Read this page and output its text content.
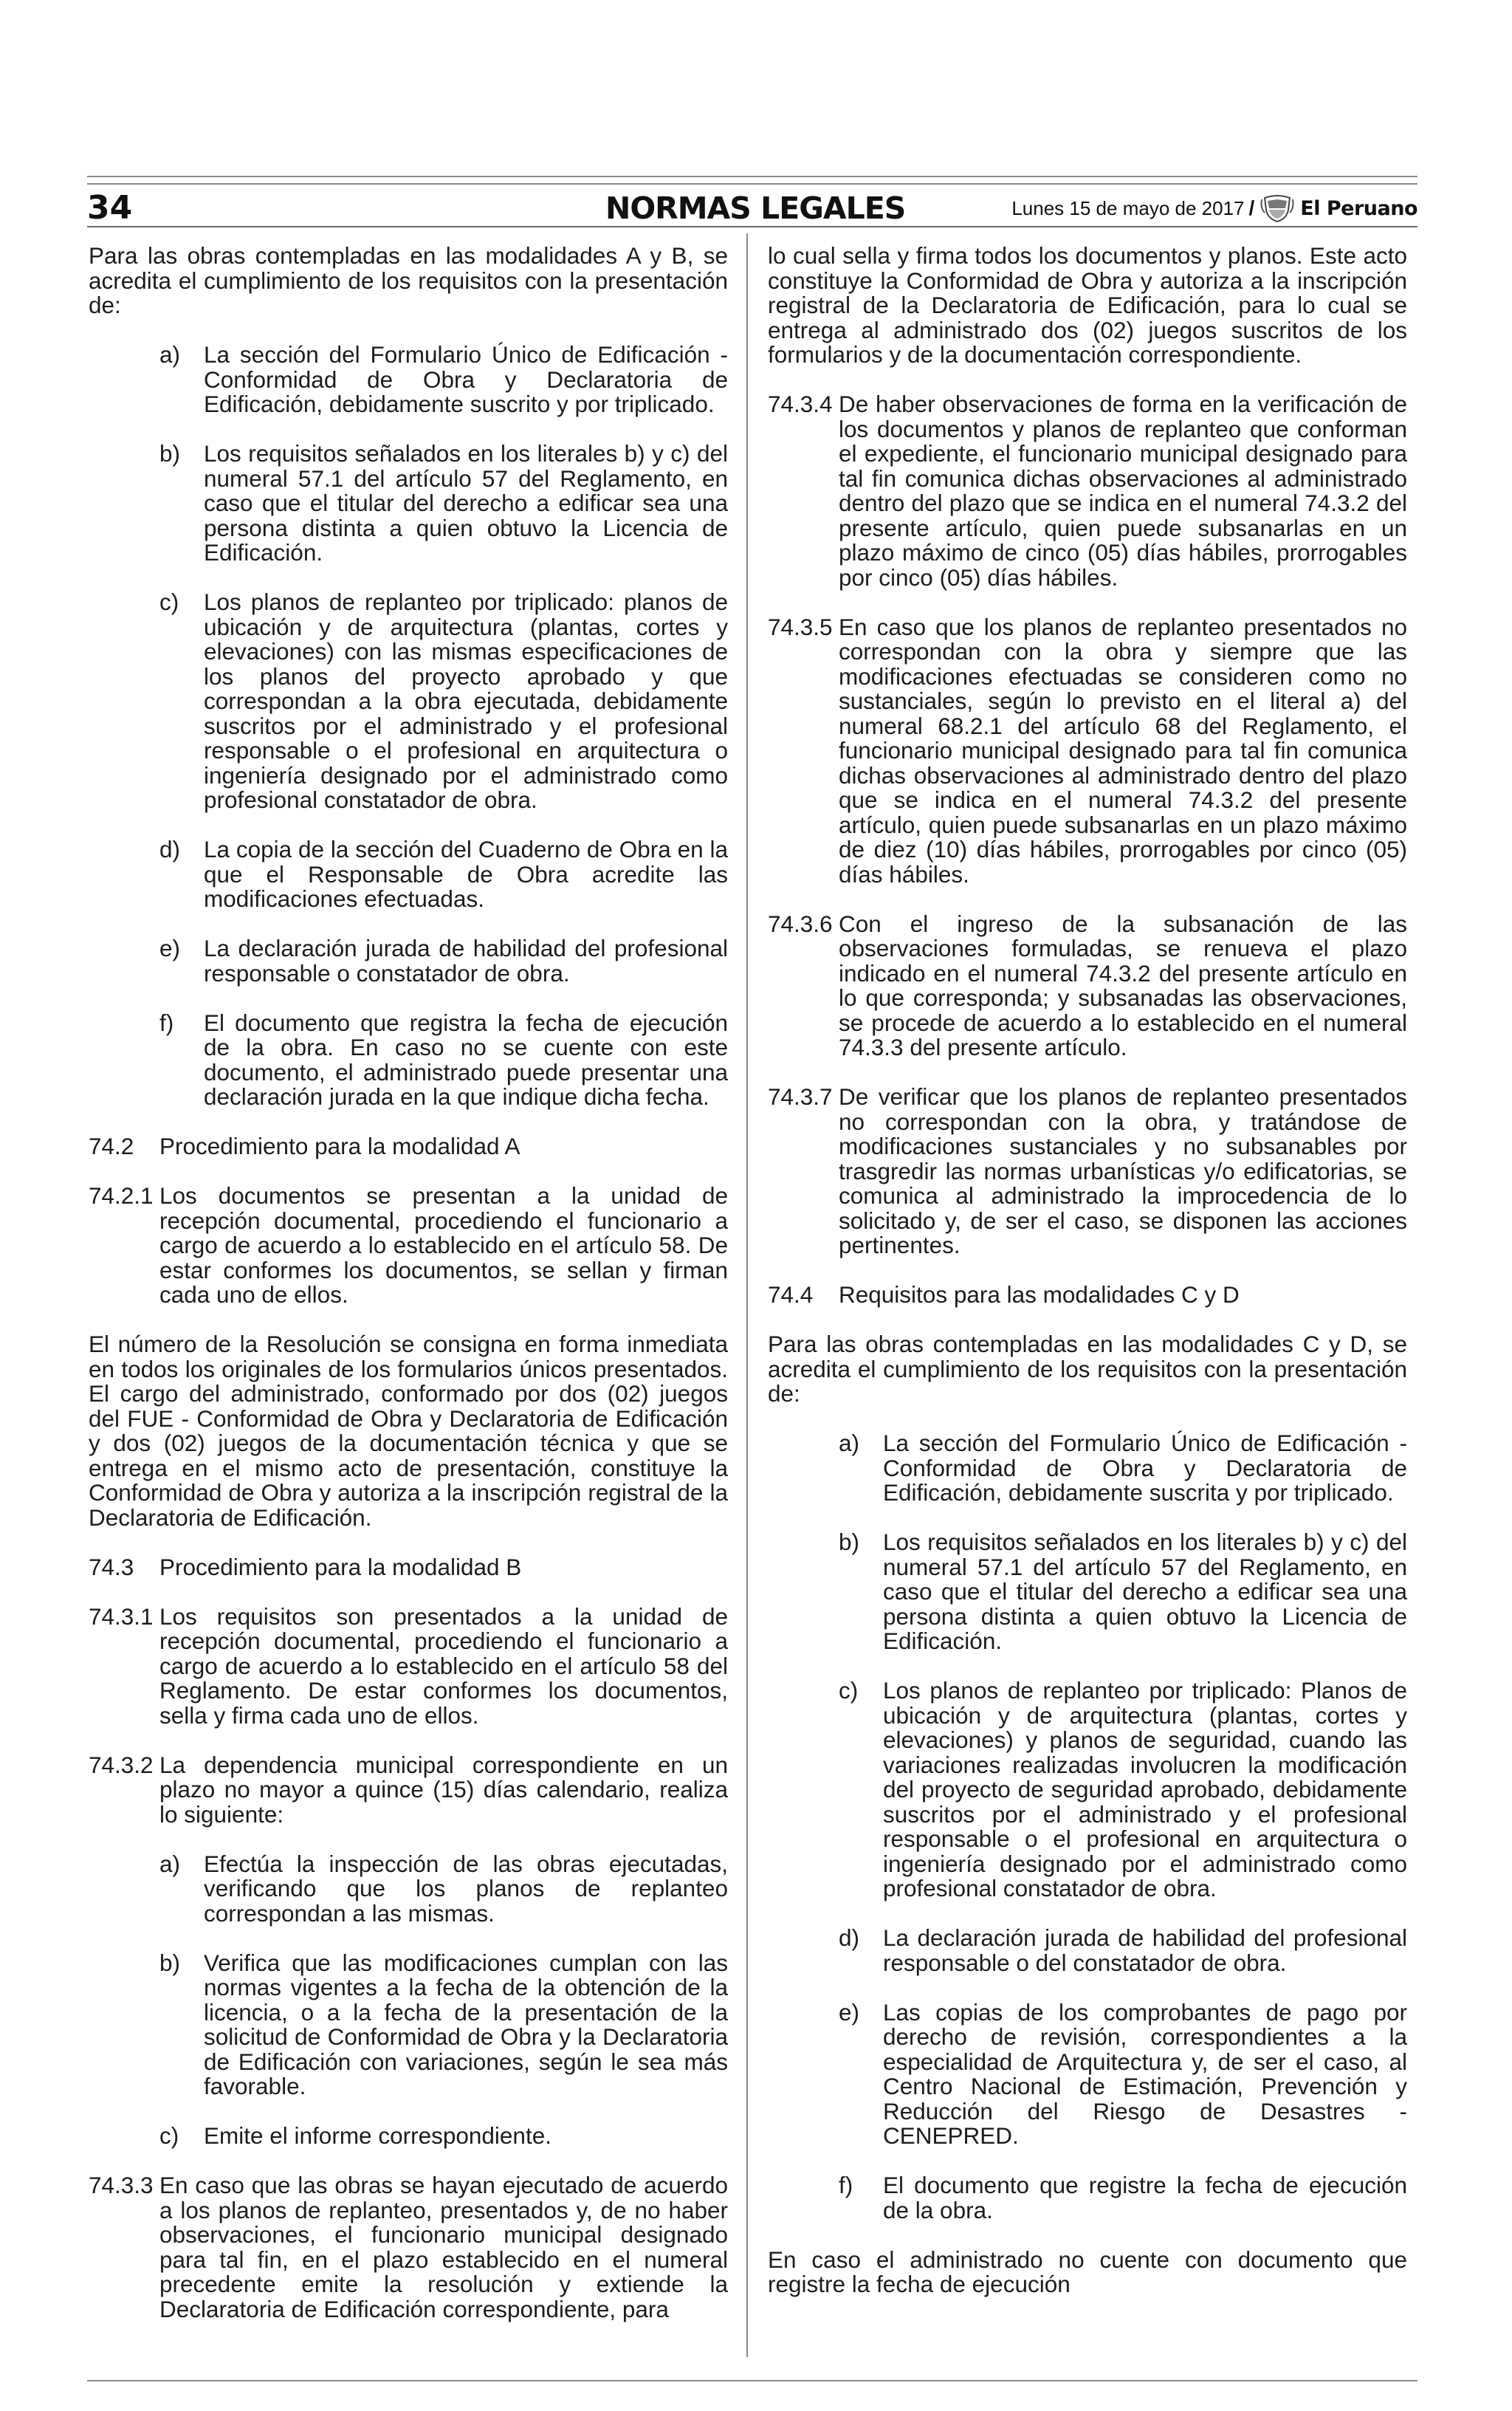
34	NORMAS LEGALES	Lunes 15 de mayo de 2017 / El Peruano

Para las obras contempladas en las modalidades A y B, se acredita el cumplimiento de los requisitos con la presentación de:

a)	La sección del Formulario Único de Edificación - Conformidad de Obra y Declaratoria de Edificación, debidamente suscrito y por triplicado.
b)	Los requisitos señalados en los literales b) y c) del numeral 57.1 del artículo 57 del Reglamento, en caso que el titular del derecho a edificar sea una persona distinta a quien obtuvo la Licencia de Edificación.
c)	Los planos de replanteo por triplicado: planos de ubicación y de arquitectura (plantas, cortes y elevaciones) con las mismas especificaciones de los planos del proyecto aprobado y que correspondan a la obra ejecutada, debidamente suscritos por el administrado y el profesional responsable o el profesional en arquitectura o ingeniería designado por el administrado como profesional constatador de obra.
d)	La copia de la sección del Cuaderno de Obra en la que el Responsable de Obra acredite las modificaciones efectuadas.
e)	La declaración jurada de habilidad del profesional responsable o constatador de obra.
f)	El documento que registra la fecha de ejecución de la obra. En caso no se cuente con este documento, el administrado puede presentar una declaración jurada en la que indique dicha fecha.
74.2	Procedimiento para la modalidad A
74.2.1 Los documentos se presentan a la unidad de recepción documental, procediendo el funcionario a cargo de acuerdo a lo establecido en el artículo 58. De estar conformes los documentos, se sellan y firman cada uno de ellos.

El número de la Resolución se consigna en forma inmediata en todos los originales de los formularios únicos presentados. El cargo del administrado, conformado por dos (02) juegos del FUE - Conformidad de Obra y Declaratoria de Edificación y dos (02) juegos de la documentación técnica y que se entrega en el mismo acto de presentación, constituye la Conformidad de Obra y autoriza a la inscripción registral de la Declaratoria de Edificación.

74.3	Procedimiento para la modalidad B
74.3.1 Los requisitos son presentados a la unidad de recepción documental, procediendo el funcionario a cargo de acuerdo a lo establecido en el artículo 58 del Reglamento. De estar conformes los documentos, sella y firma cada uno de ellos.
74.3.2 La dependencia municipal correspondiente en un plazo no mayor a quince (15) días calendario, realiza lo siguiente:
a)	Efectúa la inspección de las obras ejecutadas, verificando que los planos de replanteo correspondan a las mismas.
b)	Verifica que las modificaciones cumplan con las normas vigentes a la fecha de la obtención de la licencia, o a la fecha de la presentación de la solicitud de Conformidad de Obra y la Declaratoria de Edificación con variaciones, según le sea más favorable.
c)	Emite el informe correspondiente.
74.3.3 En caso que las obras se hayan ejecutado de acuerdo a los planos de replanteo, presentados y, de no haber observaciones, el funcionario municipal designado para tal fin, en el plazo establecido en el numeral precedente emite la resolución y extiende la Declaratoria de Edificación correspondiente, para

lo cual sella y firma todos los documentos y planos. Este acto constituye la Conformidad de Obra y autoriza a la inscripción registral de la Declaratoria de Edificación, para lo cual se entrega al administrado dos (02) juegos suscritos de los formularios y de la documentación correspondiente.

74.3.4 De haber observaciones de forma en la verificación de los documentos y planos de replanteo que conforman el expediente, el funcionario municipal designado para tal fin comunica dichas observaciones al administrado dentro del plazo que se indica en el numeral 74.3.2 del presente artículo, quien puede subsanarlas en un plazo máximo de cinco (05) días hábiles, prorrogables por cinco (05) días hábiles.
74.3.5 En caso que los planos de replanteo presentados no correspondan con la obra y siempre que las modificaciones efectuadas se consideren como no sustanciales, según lo previsto en el literal a) del numeral 68.2.1 del artículo 68 del Reglamento, el funcionario municipal designado para tal fin comunica dichas observaciones al administrado dentro del plazo que se indica en el numeral 74.3.2 del presente artículo, quien puede subsanarlas en un plazo máximo de diez (10) días hábiles, prorrogables por cinco (05) días hábiles.
74.3.6 Con el ingreso de la subsanación de las observaciones formuladas, se renueva el plazo indicado en el numeral 74.3.2 del presente artículo en lo que corresponda; y subsanadas las observaciones, se procede de acuerdo a lo establecido en el numeral 74.3.3 del presente artículo.
74.3.7 De verificar que los planos de replanteo presentados no correspondan con la obra, y tratándose de modificaciones sustanciales y no subsanables por trasgredir las normas urbanísticas y/o edificatorias, se comunica al administrado la improcedencia de lo solicitado y, de ser el caso, se disponen las acciones pertinentes.
74.4	Requisitos para las modalidades C y D

Para las obras contempladas en las modalidades C y D, se acredita el cumplimiento de los requisitos con la presentación de:

a)	La sección del Formulario Único de Edificación - Conformidad de Obra y Declaratoria de Edificación, debidamente suscrita y por triplicado.
b)	Los requisitos señalados en los literales b) y c) del numeral 57.1 del artículo 57 del Reglamento, en caso que el titular del derecho a edificar sea una persona distinta a quien obtuvo la Licencia de Edificación.
c)	Los planos de replanteo por triplicado: Planos de ubicación y de arquitectura (plantas, cortes y elevaciones) y planos de seguridad, cuando las variaciones realizadas involucren la modificación del proyecto de seguridad aprobado, debidamente suscritos por el administrado y el profesional responsable o el profesional en arquitectura o ingeniería designado por el administrado como profesional constatador de obra.
d)	La declaración jurada de habilidad del profesional responsable o del constatador de obra.
e)	Las copias de los comprobantes de pago por derecho de revisión, correspondientes a la especialidad de Arquitectura y, de ser el caso, al Centro Nacional de Estimación, Prevención y Reducción del Riesgo de Desastres - CENEPRED.
f)	El documento que registre la fecha de ejecución de la obra.

En caso el administrado no cuente con documento que registre la fecha de ejecución
